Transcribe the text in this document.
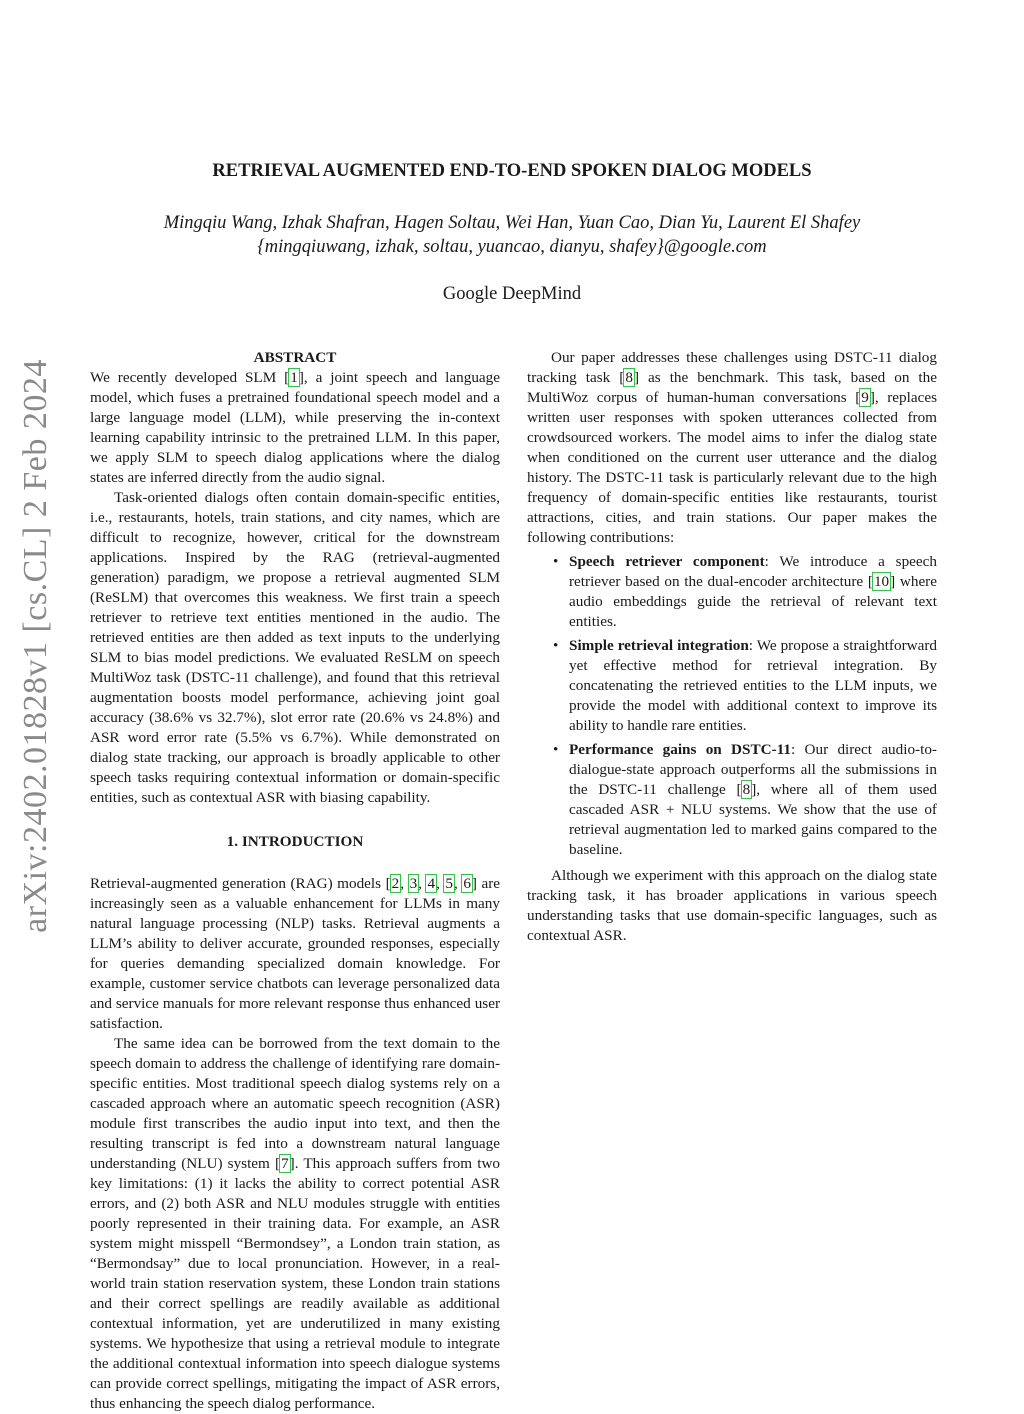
arXiv:2402.01828v1 [cs.CL] 2 Feb 2024
RETRIEVAL AUGMENTED END-TO-END SPOKEN DIALOG MODELS
Mingqiu Wang, Izhak Shafran, Hagen Soltau, Wei Han, Yuan Cao, Dian Yu, Laurent El Shafey
{mingqiuwang, izhak, soltau, yuancao, dianyu, shafey}@google.com
Google DeepMind
ABSTRACT

We recently developed SLM [1], a joint speech and language model, which fuses a pretrained foundational speech model and a large language model (LLM), while preserving the in-context learning capability intrinsic to the pretrained LLM. In this paper, we apply SLM to speech dialog applications where the dialog states are inferred directly from the audio signal.

Task-oriented dialogs often contain domain-specific entities, i.e., restaurants, hotels, train stations, and city names, which are difficult to recognize, however, critical for the downstream applications. Inspired by the RAG (retrieval-augmented generation) paradigm, we propose a retrieval augmented SLM (ReSLM) that overcomes this weakness. We first train a speech retriever to retrieve text entities mentioned in the audio. The retrieved entities are then added as text inputs to the underlying SLM to bias model predictions. We evaluated ReSLM on speech MultiWoz task (DSTC-11 challenge), and found that this retrieval augmentation boosts model performance, achieving joint goal accuracy (38.6% vs 32.7%), slot error rate (20.6% vs 24.8%) and ASR word error rate (5.5% vs 6.7%). While demonstrated on dialog state tracking, our approach is broadly applicable to other speech tasks requiring contextual information or domain-specific entities, such as contextual ASR with biasing capability.

1. INTRODUCTION

Retrieval-augmented generation (RAG) models [2, 3, 4, 5, 6] are increasingly seen as a valuable enhancement for LLMs in many natural language processing (NLP) tasks. Retrieval augments a LLM’s ability to deliver accurate, grounded responses, especially for queries demanding specialized domain knowledge. For example, customer service chatbots can leverage personalized data and service manuals for more relevant response thus enhanced user satisfaction.

The same idea can be borrowed from the text domain to the speech domain to address the challenge of identifying rare domain-specific entities. Most traditional speech dialog systems rely on a cascaded approach where an automatic speech recognition (ASR) module first transcribes the audio input into text, and then the resulting transcript is fed into a downstream natural language understanding (NLU) system [7]. This approach suffers from two key limitations: (1) it lacks the ability to correct potential ASR errors, and (2) both ASR and NLU modules struggle with entities poorly represented in their training data. For example, an ASR system might misspell “Bermondsey”, a London train station, as “Bermondsay” due to local pronunciation. However, in a real-world train station reservation system, these London train stations and their correct spellings are readily available as additional contextual information, yet are underutilized in many existing systems. We hypothesize that using a retrieval module to integrate the additional contextual information into speech dialogue systems can provide correct spellings, mitigating the impact of ASR errors, thus enhancing the speech dialog performance.

Our paper addresses these challenges using DSTC-11 dialog tracking task [8] as the benchmark. This task, based on the MultiWoz corpus of human-human conversations [9], replaces written user responses with spoken utterances collected from crowdsourced workers. The model aims to infer the dialog state when conditioned on the current user utterance and the dialog history. The DSTC-11 task is particularly relevant due to the high frequency of domain-specific entities like restaurants, tourist attractions, cities, and train stations. Our paper makes the following contributions:

• Speech retriever component: We introduce a speech retriever based on the dual-encoder architecture [10] where audio embeddings guide the retrieval of relevant text entities.
• Simple retrieval integration: We propose a straightforward yet effective method for retrieval integration. By concatenating the retrieved entities to the LLM inputs, we provide the model with additional context to improve its ability to handle rare entities.
• Performance gains on DSTC-11: Our direct audio-to-dialogue-state approach outperforms all the submissions in the DSTC-11 challenge [8], where all of them used cascaded ASR + NLU systems. We show that the use of retrieval augmentation led to marked gains compared to the baseline.

Although we experiment with this approach on the dialog state tracking task, it has broader applications in various speech understanding tasks that use domain-specific languages, such as contextual ASR.
